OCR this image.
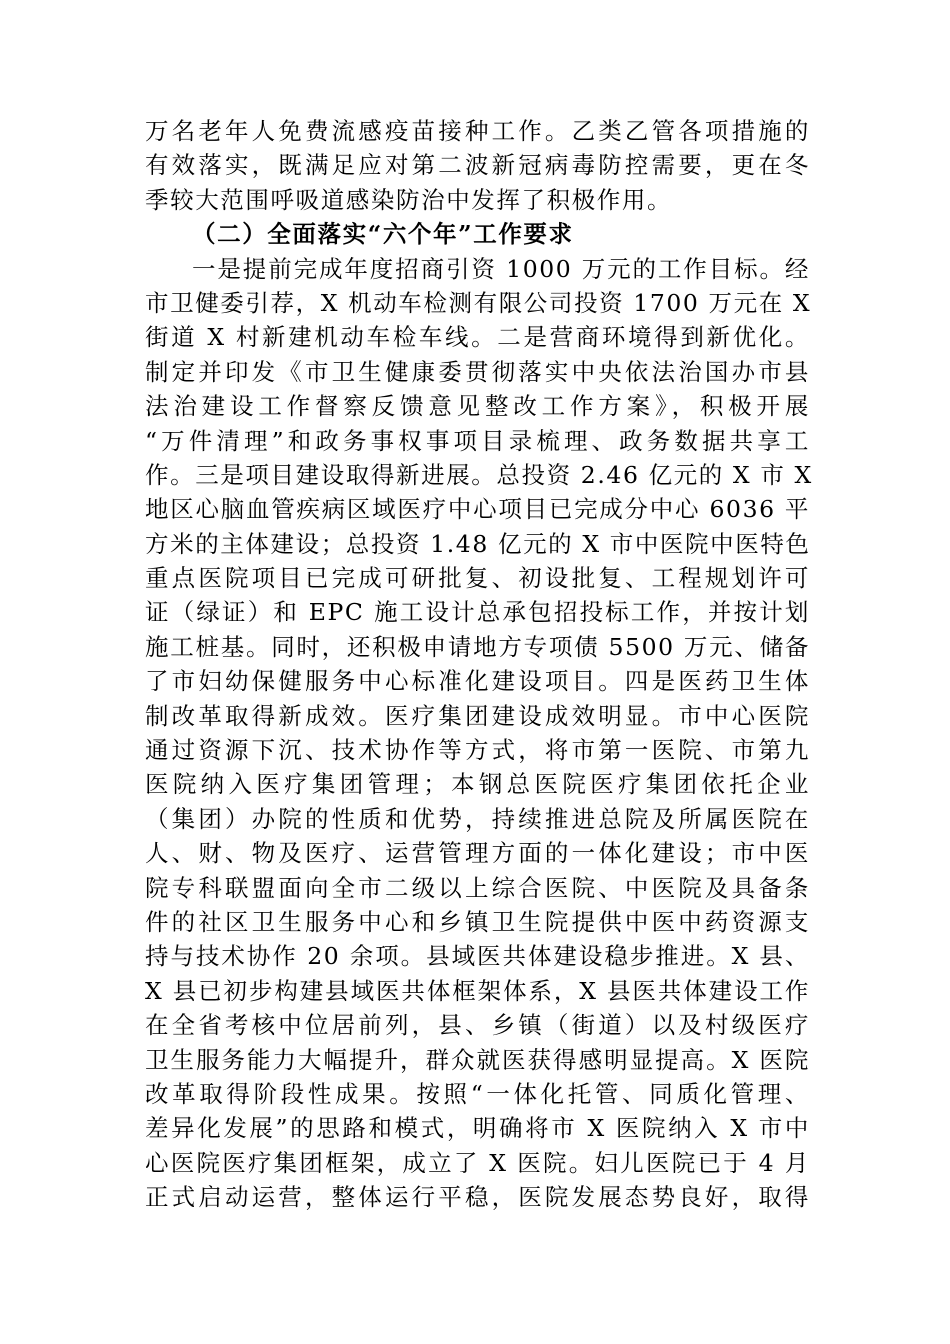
万名老年人免费流感疫苗接种工作。乙类乙管各项措施的
有效落实，既满足应对第二波新冠病毒防控需要，更在冬
季较大范围呼吸道感染防治中发挥了积极作用。
（二）全面落实“六个年”工作要求
一是提前完成年度招商引资 1000 万元的工作目标。经
市卫健委引荐，X 机动车检测有限公司投资 1700 万元在 X
街道 X 村新建机动车检车线。二是营商环境得到新优化。
制定并印发《市卫生健康委贯彻落实中央依法治国办市县
法治建设工作督察反馈意见整改工作方案》，积极开展
“万件清理”和政务事权事项目录梳理、政务数据共享工
作。三是项目建设取得新进展。总投资 2.46 亿元的 X 市 X
地区心脑血管疾病区域医疗中心项目已完成分中心 6036 平
方米的主体建设；总投资 1.48 亿元的 X 市中医院中医特色
重点医院项目已完成可研批复、初设批复、工程规划许可
证（绿证）和 EPC 施工设计总承包招投标工作，并按计划
施工桩基。同时，还积极申请地方专项债 5500 万元、储备
了市妇幼保健服务中心标准化建设项目。四是医药卫生体
制改革取得新成效。医疗集团建设成效明显。市中心医院
通过资源下沉、技术协作等方式，将市第一医院、市第九
医院纳入医疗集团管理；本钢总医院医疗集团依托企业
（集团）办院的性质和优势，持续推进总院及所属医院在
人、财、物及医疗、运营管理方面的一体化建设；市中医
院专科联盟面向全市二级以上综合医院、中医院及具备条
件的社区卫生服务中心和乡镇卫生院提供中医中药资源支
持与技术协作 20 余项。县域医共体建设稳步推进。X 县、
X 县已初步构建县域医共体框架体系，X 县医共体建设工作
在全省考核中位居前列，县、乡镇（街道）以及村级医疗
卫生服务能力大幅提升，群众就医获得感明显提高。X 医院
改革取得阶段性成果。按照“一体化托管、同质化管理、
差异化发展”的思路和模式，明确将市 X 医院纳入 X 市中
心医院医疗集团框架，成立了 X 医院。妇儿医院已于 4 月
正式启动运营，整体运行平稳，医院发展态势良好，取得
